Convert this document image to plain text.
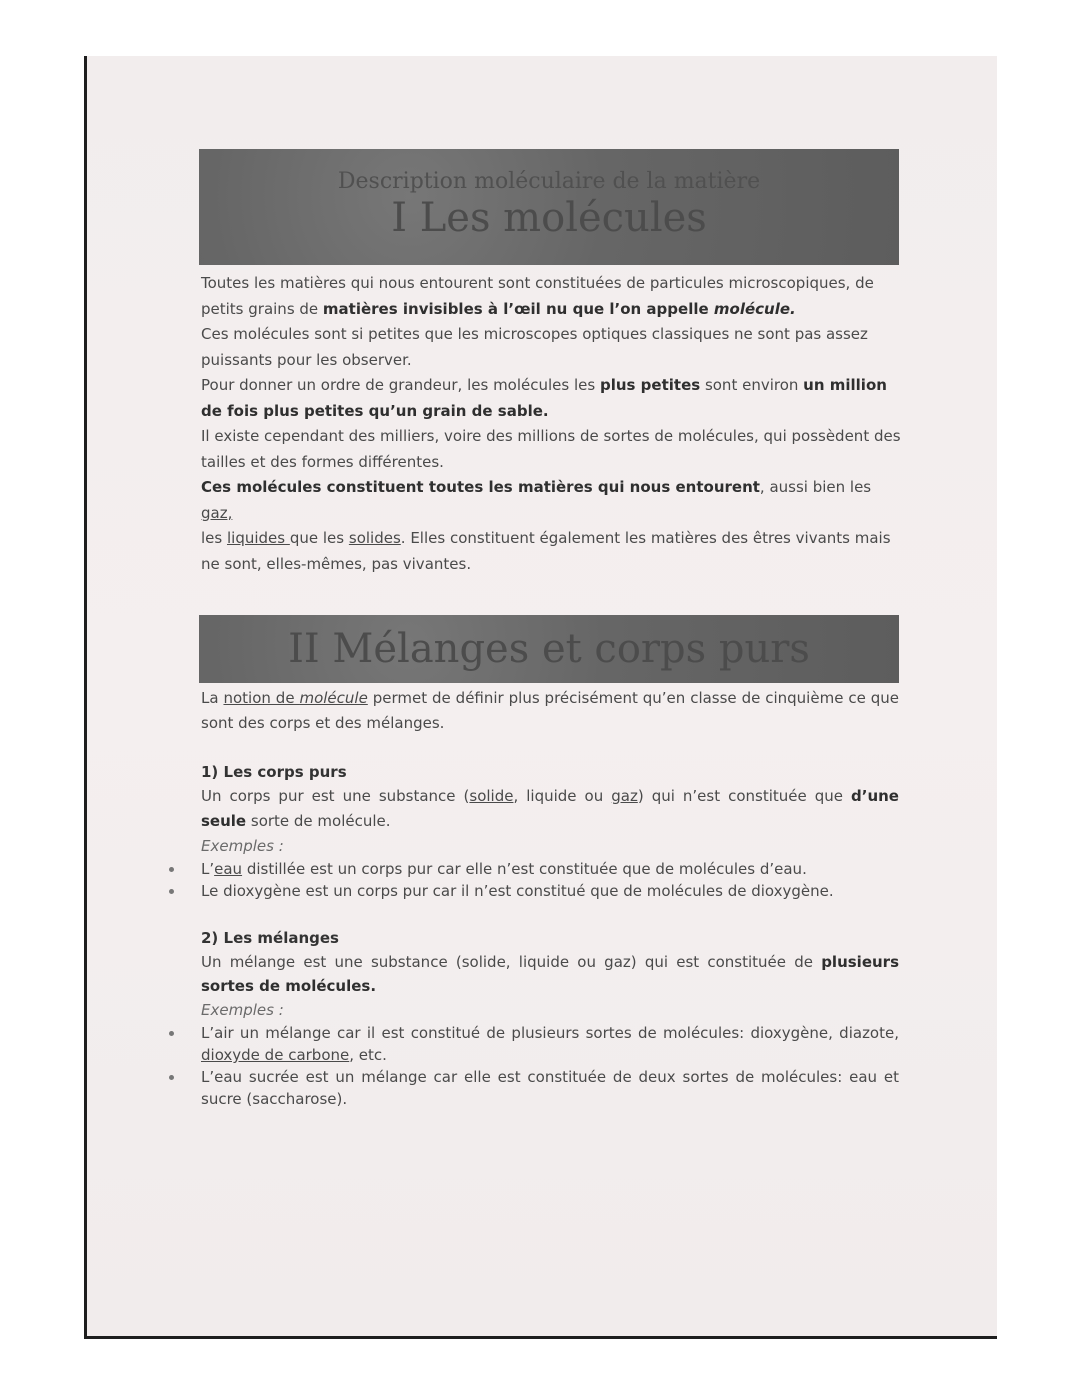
Description moléculaire de la matière
I Les molécules
Toutes les matières qui nous entourent sont constituées de particules microscopiques, de petits grains de matières invisibles à l’œil nu que l’on appelle molécule.
Ces molécules sont si petites que les microscopes optiques classiques ne sont pas assez puissants pour les observer.
Pour donner un ordre de grandeur, les molécules les plus petites sont environ un million de fois plus petites qu’un grain de sable.
Il existe cependant des milliers, voire des millions de sortes de molécules, qui possèdent des tailles et des formes différentes.
Ces molécules constituent toutes les matières qui nous entourent, aussi bien les gaz,
les liquides que les solides. Elles constituent également les matières des êtres vivants mais ne sont, elles-mêmes, pas vivantes.
II Mélanges et corps purs
La notion de molécule permet de définir plus précisément qu’en classe de cinquième ce que sont des corps et des mélanges.
1) Les corps purs
Un corps pur est une substance (solide, liquide ou gaz) qui n’est constituée que d’une seule sorte de molécule.
Exemples :
L’eau distillée est un corps pur car elle n’est constituée que de molécules d’eau.
Le dioxygène est un corps pur car il n’est constitué que de molécules de dioxygène.
2) Les mélanges
Un mélange est une substance (solide, liquide ou gaz) qui est constituée de plusieurs sortes de molécules.
Exemples :
L’air un mélange car il est constitué de plusieurs sortes de molécules: dioxygène, diazote, dioxyde de carbone, etc.
L’eau sucrée est un mélange car elle est constituée de deux sortes de molécules: eau et sucre (saccharose).
